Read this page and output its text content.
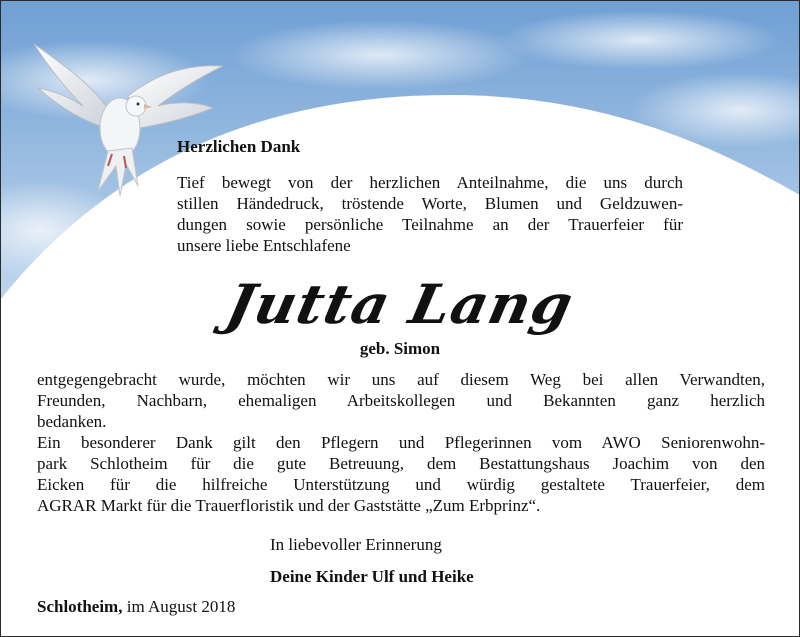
Herzlichen Dank
Tief bewegt von der herzlichen Anteilnahme, die uns durch
stillen Händedruck, tröstende Worte, Blumen und Geldzuwen-
dungen sowie persönliche Teilnahme an der Trauerfeier für
unsere liebe Entschlafene
Jutta Lang
geb. Simon
entgegengebracht wurde, möchten wir uns auf diesem Weg bei allen Verwandten,
Freunden, Nachbarn, ehemaligen Arbeitskollegen und Bekannten ganz herzlich
bedanken.
Ein besonderer Dank gilt den Pflegern und Pflegerinnen vom AWO Seniorenwohn-
park Schlotheim für die gute Betreuung, dem Bestattungshaus Joachim von den
Eicken für die hilfreiche Unterstützung und würdig gestaltete Trauerfeier, dem
AGRAR Markt für die Trauerfloristik und der Gaststätte „Zum Erbprinz“.
In liebevoller Erinnerung
Deine Kinder Ulf und Heike
Schlotheim, im August 2018
